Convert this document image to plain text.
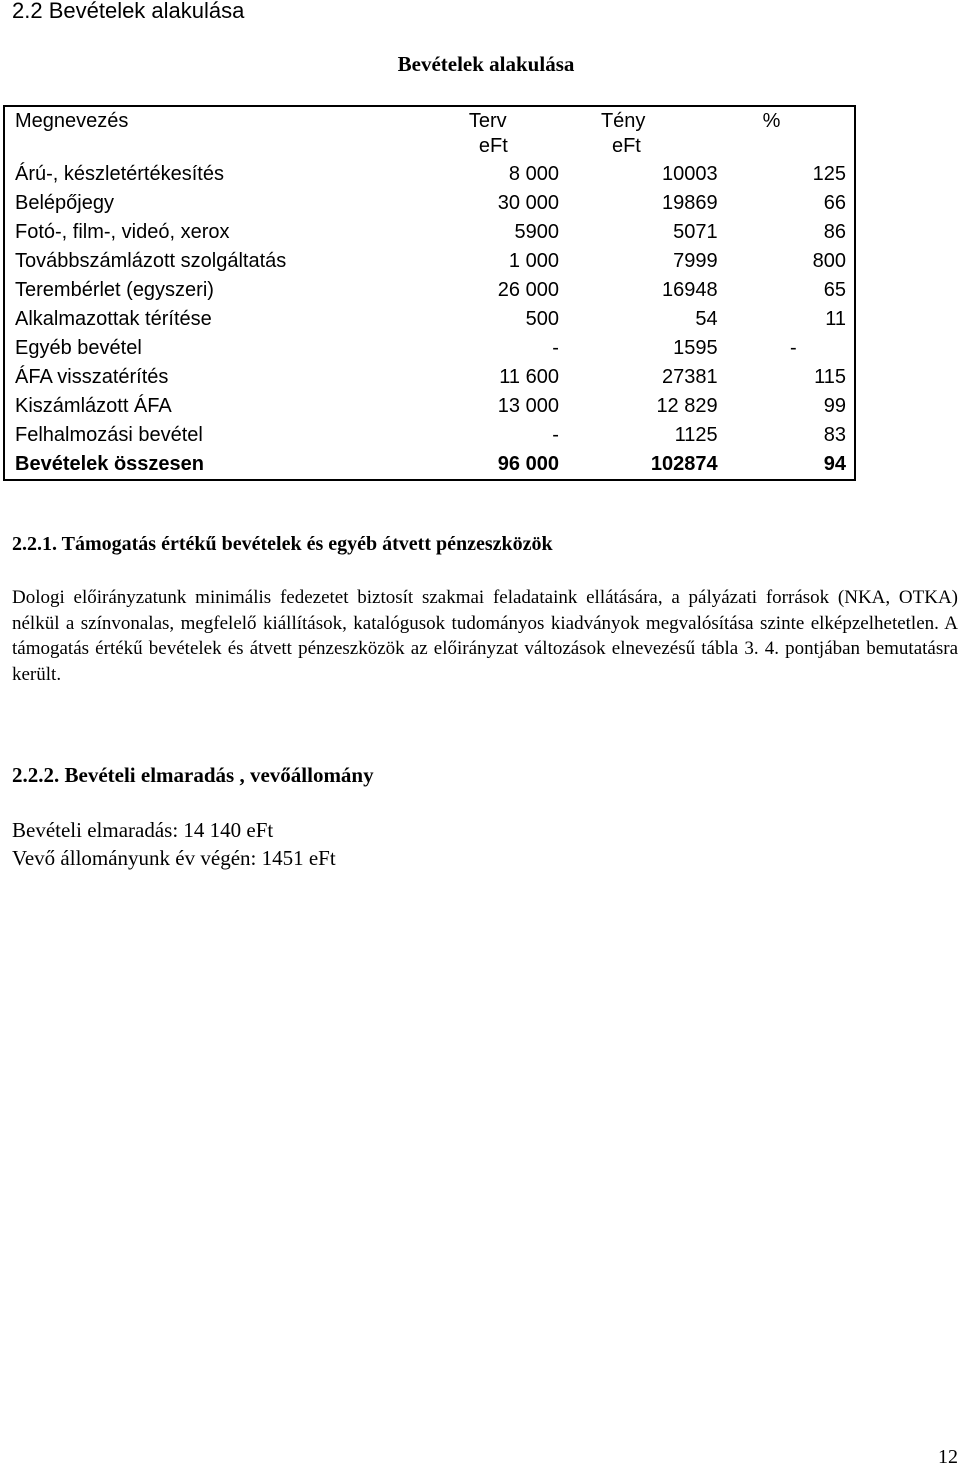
2.2 Bevételek alakulása
Bevételek alakulása
Megnevezés	Terv	Tény	%
	eFt	eFt	
Árú-, készletértékesítés	8 000	10003	125
Belépőjegy	30 000	19869	66
Fotó-, film-, videó, xerox	5900	5071	86
Továbbszámlázott szolgáltatás	1 000	7999	800
Terembérlet (egyszeri)	26 000	16948	65
Alkalmazottak térítése	500	54	11
Egyéb bevétel	-	1595	-
ÁFA visszatérítés	11 600	27381	115
Kiszámlázott ÁFA	13 000	12 829	99
Felhalmozási bevétel	-	1125	83
Bevételek összesen	96 000	102874	94
2.2.1. Támogatás értékű bevételek és egyéb átvett pénzeszközök
Dologi előirányzatunk minimális fedezetet biztosít szakmai feladataink ellátására, a pályázati források (NKA, OTKA) nélkül a színvonalas, megfelelő kiállítások, katalógusok tudományos kiadványok megvalósítása szinte elképzelhetetlen. A támogatás értékű bevételek és átvett pénzeszközök az előirányzat változások elnevezésű tábla 3. 4. pontjában bemutatásra került.
2.2.2. Bevételi elmaradás , vevőállomány
Bevételi elmaradás: 14 140 eFt
Vevő állományunk év végén: 1451 eFt
12
